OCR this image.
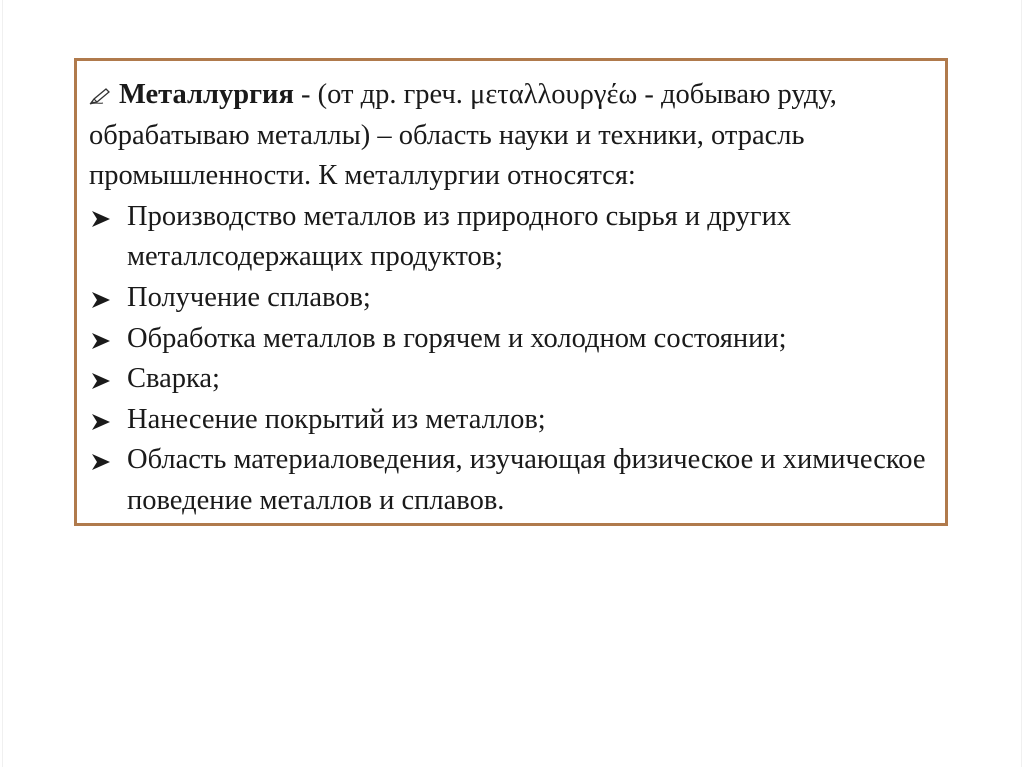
Металлургия - (от др. греч. μεταλλουργέω - добываю руду, обрабатываю металлы) – область науки и техники, отрасль промышленности. К металлургии относятся:

Производство металлов из природного сырья и других металлсодержащих продуктов;
Получение сплавов;
Обработка металлов в горячем и холодном состоянии;
Сварка;
Нанесение покрытий из металлов;
Область материаловедения, изучающая физическое и химическое поведение металлов и сплавов.
